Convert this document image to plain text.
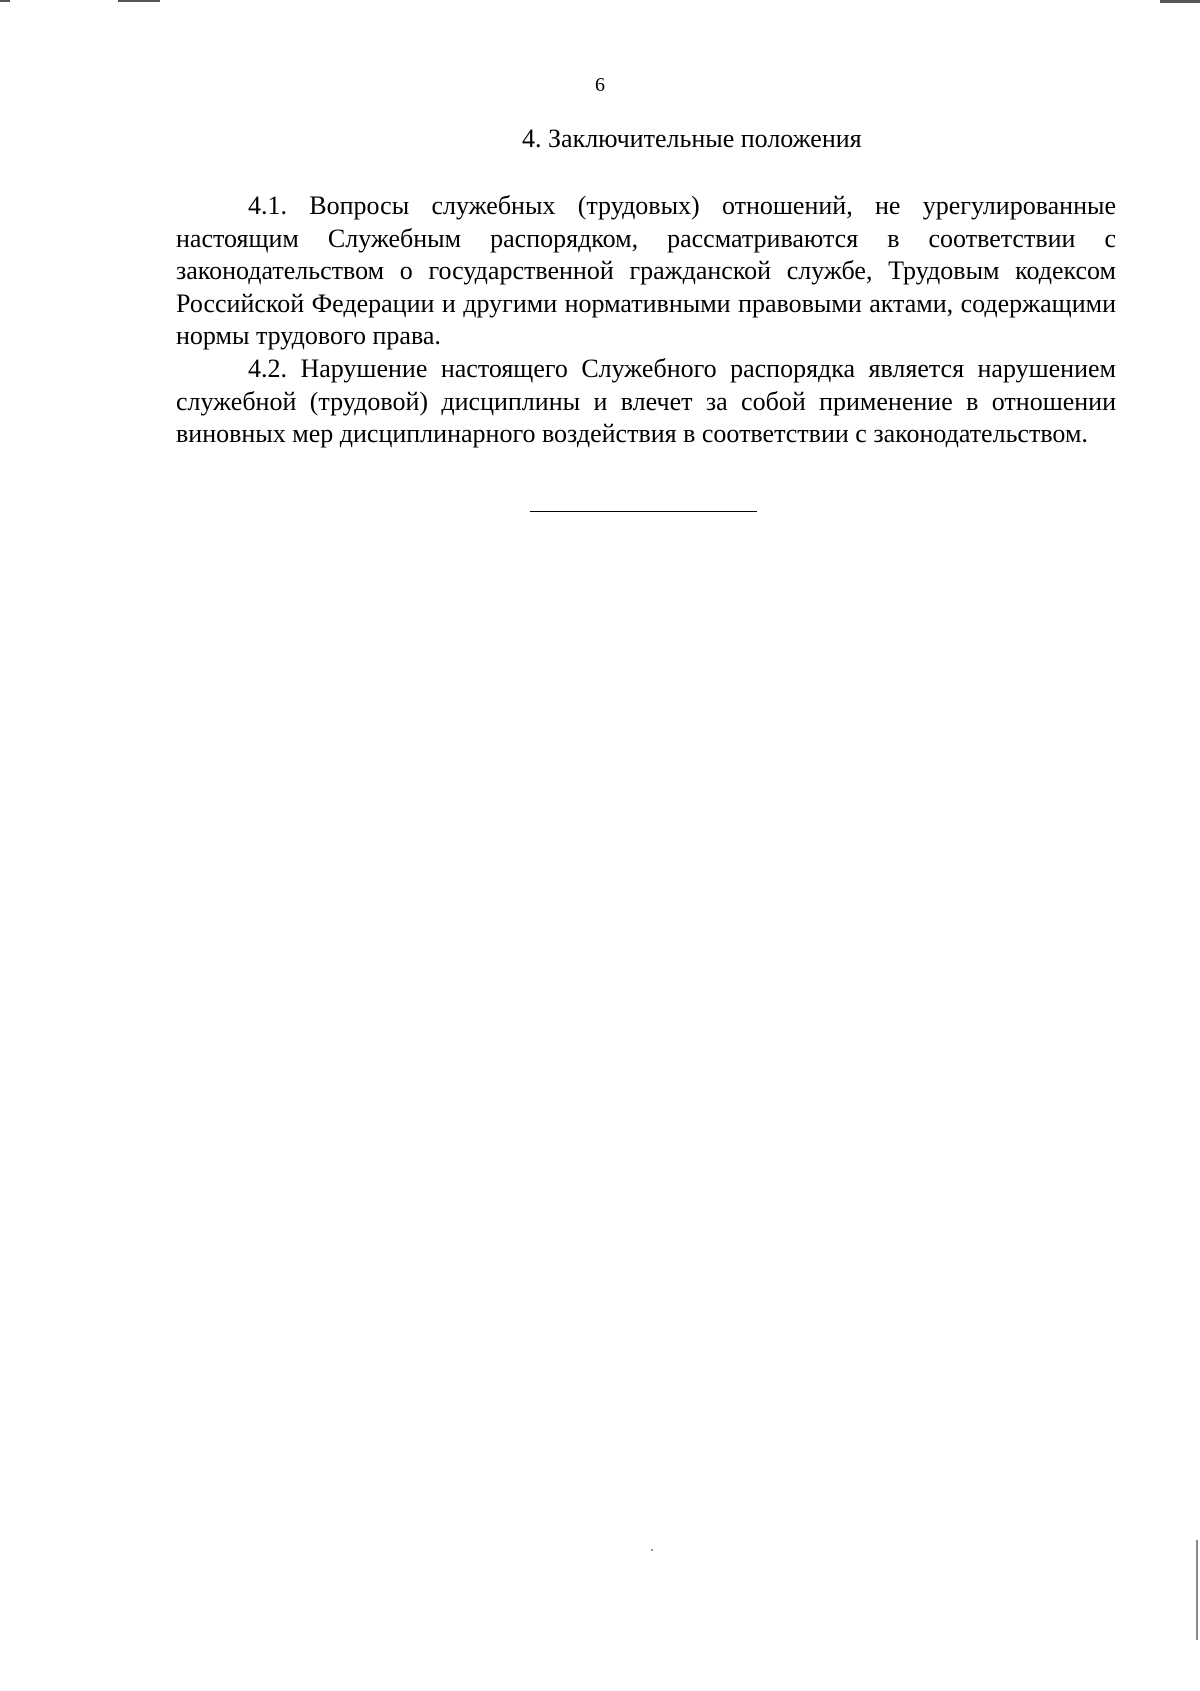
6
4. Заключительные положения

4.1. Вопросы служебных (трудовых) отношений, не урегулированные настоящим Служебным распорядком, рассматриваются в соответствии с законодательством о государственной гражданской службе, Трудовым кодексом Российской Федерации и другими нормативными правовыми актами, содержащими нормы трудового права.

4.2. Нарушение настоящего Служебного распорядка является нарушением служебной (трудовой) дисциплины и влечет за собой применение в отношении виновных мер дисциплинарного воздействия в соответствии с законодательством.
